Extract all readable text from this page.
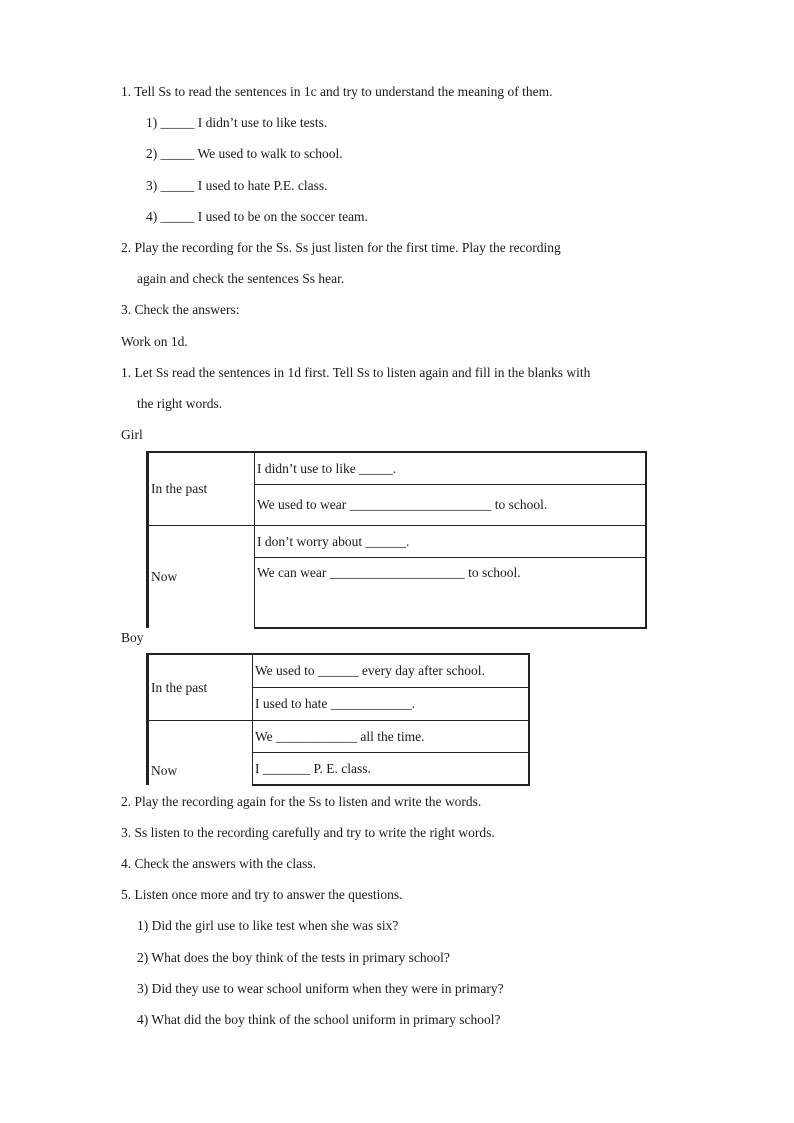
1. Tell Ss to read the sentences in 1c and try to understand the meaning of them.
1) _____ I didn’t use to like tests.
2) _____ We used to walk to school.
3) _____ I used to hate P.E. class.
4) _____ I used to be on the soccer team.
2. Play the recording for the Ss. Ss just listen for the first time. Play the recording
again and check the sentences Ss hear.
3. Check the answers:
Work on 1d.
1. Let Ss read the sentences in 1d first. Tell Ss to listen again and fill in the blanks with
the right words.
Girl
In the past	I didn’t use to like _____.
	We used to wear _____________________ to school.
Now	I don’t worry about ______.
	We can wear ____________________ to school.
Boy
In the past	We used to ______ every day after school.
	I used to hate ____________.
Now	We ____________ all the time.
	I _______ P. E. class.
2. Play the recording again for the Ss to listen and write the words.
3. Ss listen to the recording carefully and try to write the right words.
4. Check the answers with the class.
5. Listen once more and try to answer the questions.
1) Did the girl use to like test when she was six?
2) What does the boy think of the tests in primary school?
3) Did they use to wear school uniform when they were in primary?
4) What did the boy think of the school uniform in primary school?
